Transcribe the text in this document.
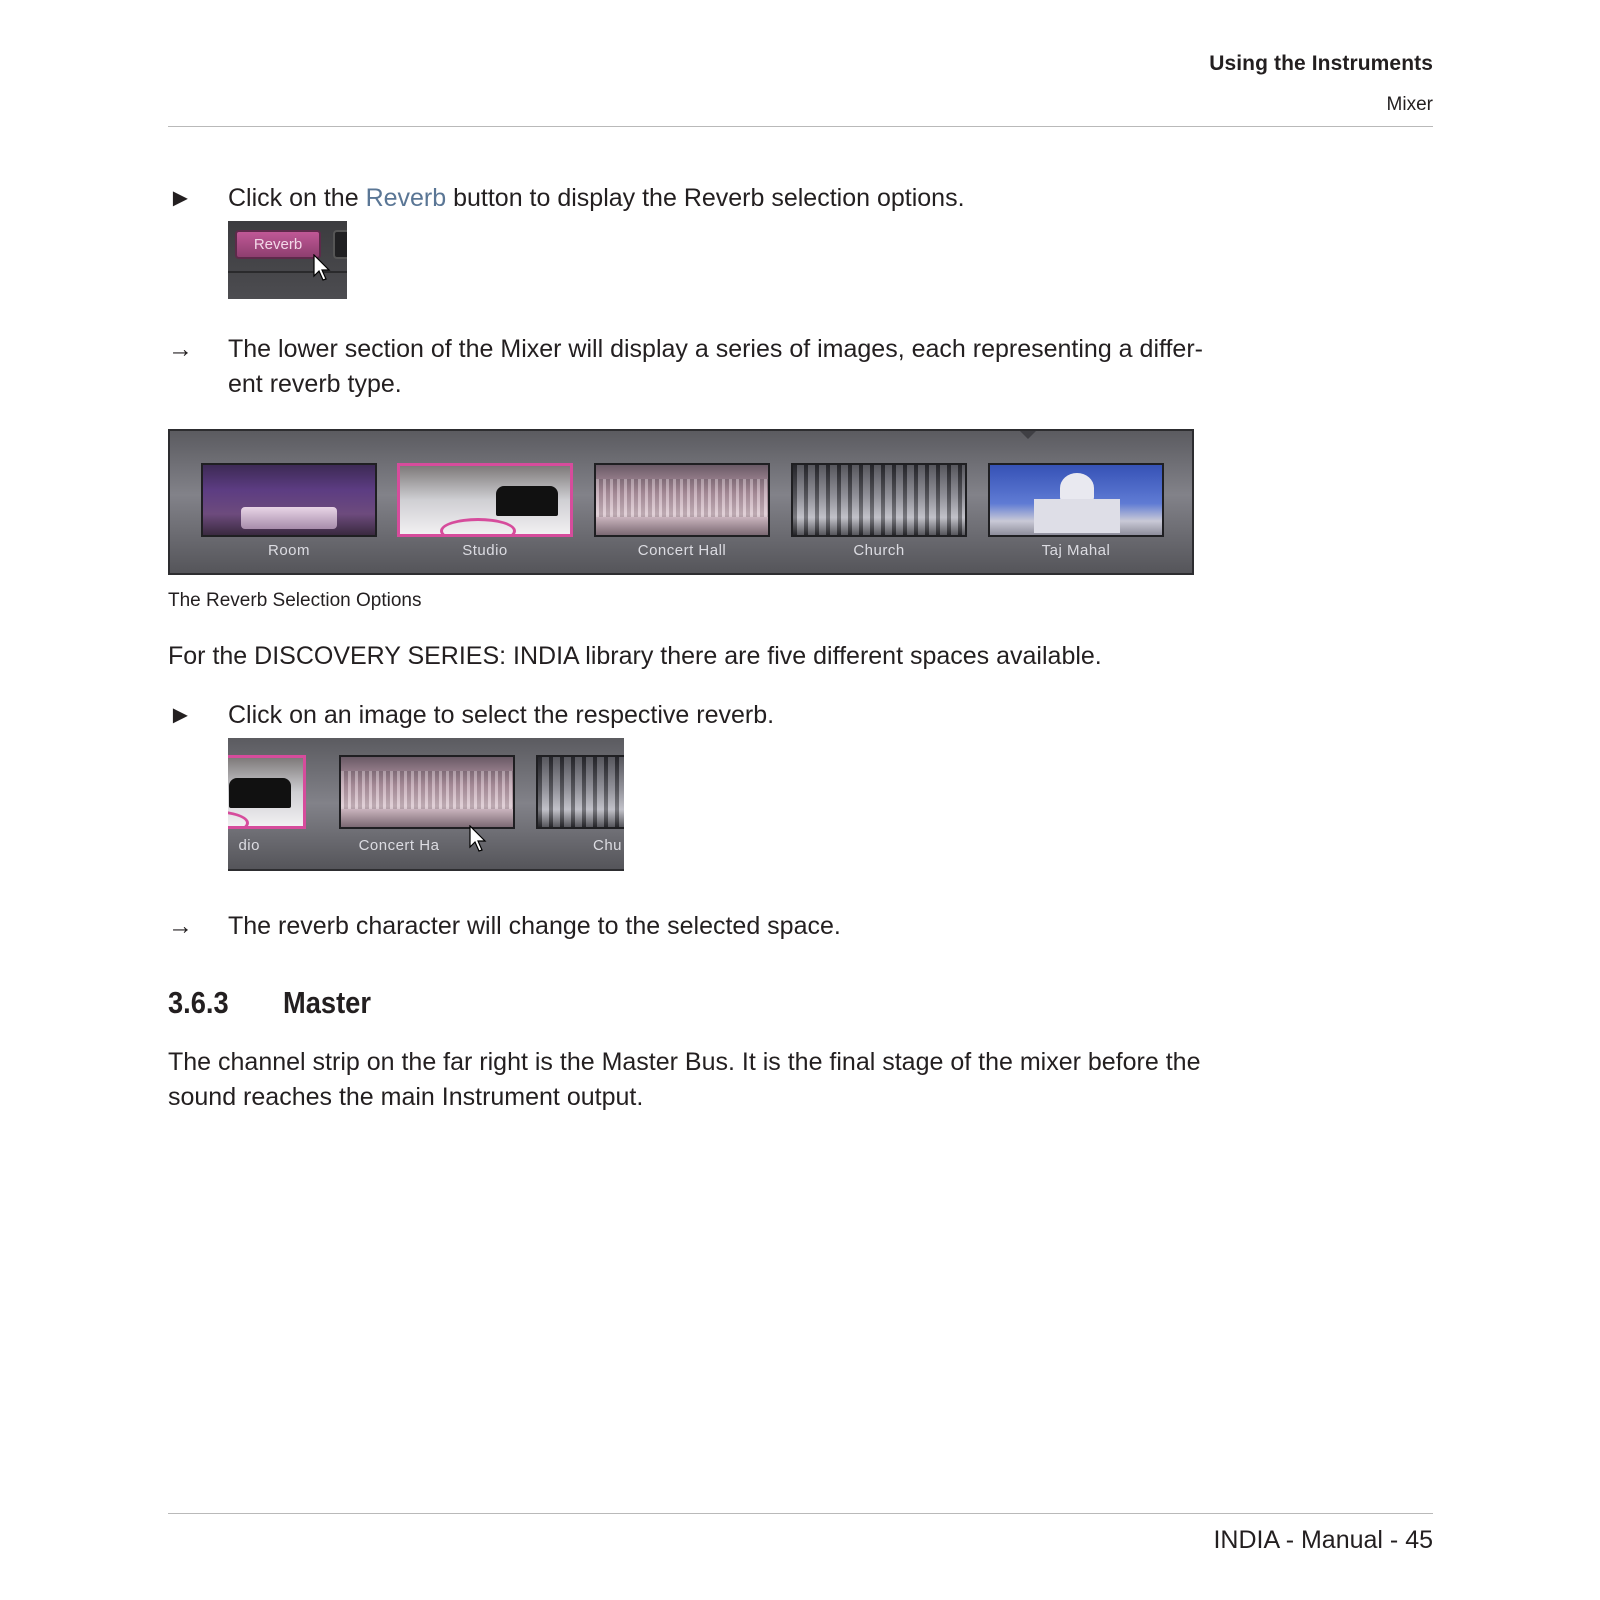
Using the Instruments
Mixer
► Click on the Reverb button to display the Reverb selection options.
Reverb
→ The lower section of the Mixer will display a series of images, each representing a differ-
ent reverb type.
Room	Studio	Concert Hall	Church	Taj Mahal
The Reverb Selection Options
For the DISCOVERY SERIES: INDIA library there are five different spaces available.
► Click on an image to select the respective reverb.
dio	Concert Ha	Chu
→ The reverb character will change to the selected space.
3.6.3 Master
The channel strip on the far right is the Master Bus. It is the final stage of the mixer before the
sound reaches the main Instrument output.
INDIA - Manual - 45
